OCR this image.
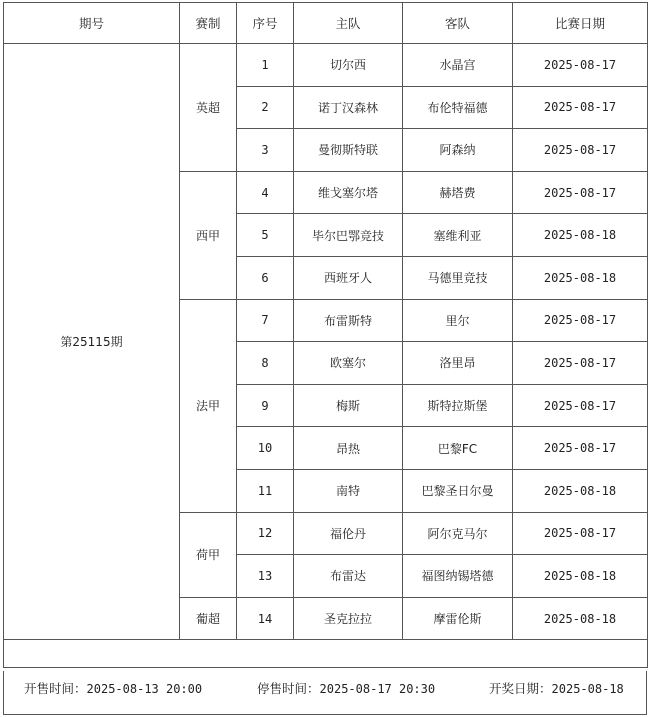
期号	赛制	序号	主队	客队	比赛日期
第25115期	英超	1	切尔西	水晶宫	2025-08-17
		2	诺丁汉森林	布伦特福德	2025-08-17
		3	曼彻斯特联	阿森纳	2025-08-17
	西甲	4	维戈塞尔塔	赫塔费	2025-08-17
		5	毕尔巴鄂竞技	塞维利亚	2025-08-18
		6	西班牙人	马德里竞技	2025-08-18
	法甲	7	布雷斯特	里尔	2025-08-17
		8	欧塞尔	洛里昂	2025-08-17
		9	梅斯	斯特拉斯堡	2025-08-17
		10	昂热	巴黎FC	2025-08-17
		11	南特	巴黎圣日尔曼	2025-08-18
	荷甲	12	福伦丹	阿尔克马尔	2025-08-17
		13	布雷达	福图纳锡塔德	2025-08-18
	葡超	14	圣克拉拉	摩雷伦斯	2025-08-18

开售时间：2025-08-13 20:00	停售时间：2025-08-17 20:30	开奖日期：2025-08-18
